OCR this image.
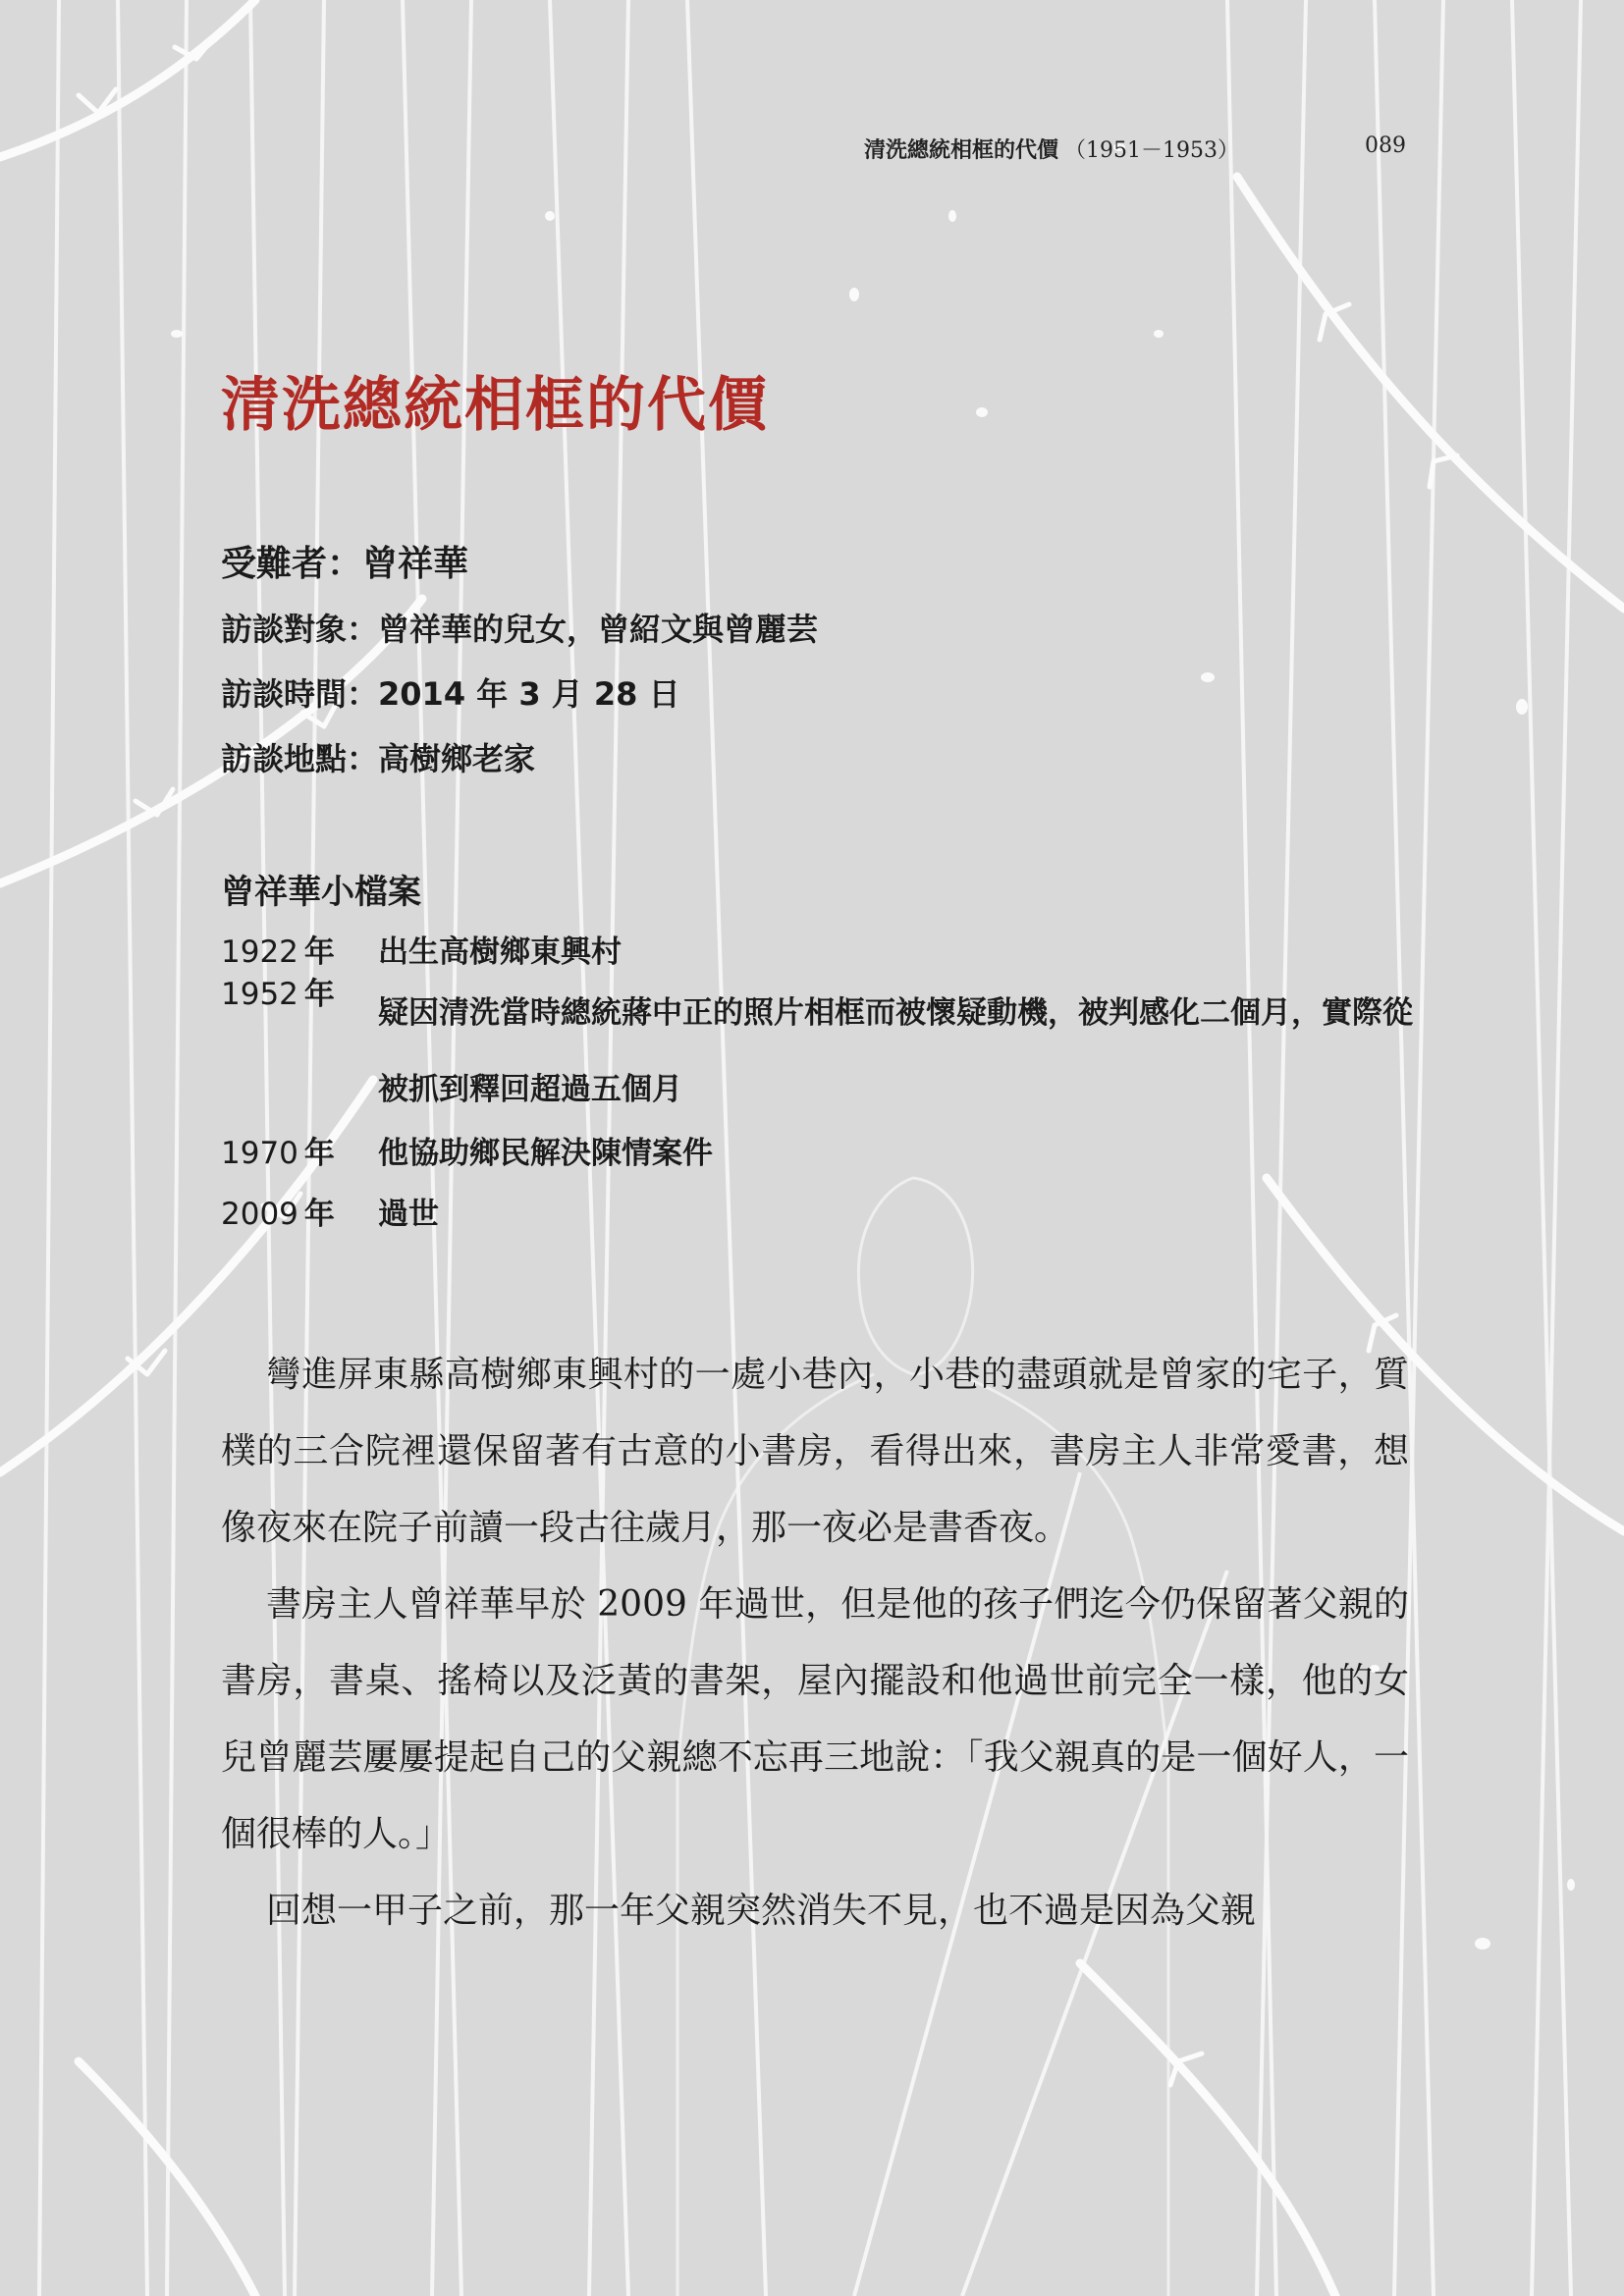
清洗總統相框的代價 （1951－1953）	089
清洗總統相框的代價
受難者：曾祥華
訪談對象：曾祥華的兒女，曾紹文與曾麗芸
訪談時間：2014 年 3 月 28 日
訪談地點：高樹鄉老家
曾祥華小檔案
1922 年 出生高樹鄉東興村
1952 年
疑因清洗當時總統蔣中正的照片相框而被懷疑動機，被判感化二個月，實際從被抓到釋回超過五個月
1970 年 他協助鄉民解決陳情案件
2009 年 過世

彎進屏東縣高樹鄉東興村的一處小巷內，小巷的盡頭就是曾家的宅子，質樸的三合院裡還保留著有古意的小書房，看得出來，書房主人非常愛書，想像夜來在院子前讀一段古往歲月，那一夜必是書香夜。

書房主人曾祥華早於 2009 年過世，但是他的孩子們迄今仍保留著父親的書房，書桌、搖椅以及泛黃的書架，屋內擺設和他過世前完全一樣，他的女兒曾麗芸屢屢提起自己的父親總不忘再三地說：「我父親真的是一個好人，一個很棒的人。」

回想一甲子之前，那一年父親突然消失不見，也不過是因為父親
